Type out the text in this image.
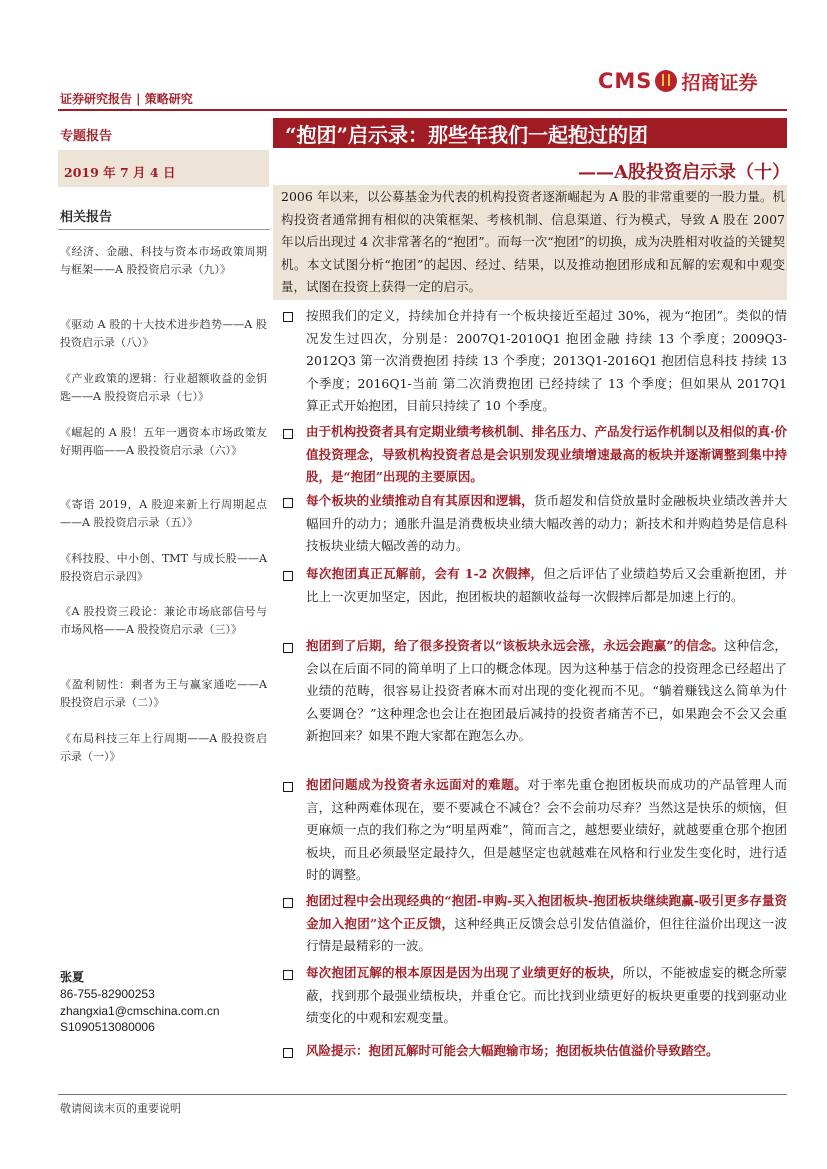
证券研究报告 | 策略研究
CMS 招商证券
专题报告
2019 年 7 月 4 日
相关报告
《经济、金融、科技与资本市场政策周期与框架——A 股投资启示录（九）》
《驱动 A 股的十大技术进步趋势——A 股投资启示录（八）》
《产业政策的逻辑：行业超额收益的金钥匙——A 股投资启示录（七）》
《崛起的 A 股！五年一遇资本市场政策友好期再临——A 股投资启示录（六）》
《寄语 2019，A 股迎来新上行周期起点——A 股投资启示录（五）》
《科技股、中小创、TMT 与成长股——A 股投资启示录四》
《A 股投资三段论：兼论市场底部信号与市场风格——A 股投资启示录（三）》
《盈利韧性：剩者为王与赢家通吃——A 股投资启示录（二）》
《布局科技三年上行周期——A 股投资启示录（一）》
张夏
86-755-82900253
zhangxia1@cmschina.com.cn
S1090513080006
“抱团”启示录：那些年我们一起抱过的团
——A股投资启示录（十）
2006 年以来，以公募基金为代表的机构投资者逐渐崛起为 A 股的非常重要的一股力量。机构投资者通常拥有相似的决策框架、考核机制、信息渠道、行为模式，导致 A 股在 2007 年以后出现过 4 次非常著名的“抱团”。而每一次“抱团”的切换，成为决胜相对收益的关键契机。本文试图分析“抱团”的起因、经过、结果，以及推动抱团形成和瓦解的宏观和中观变量，试图在投资上获得一定的启示。
按照我们的定义，持续加仓并持有一个板块接近至超过 30%，视为“抱团”。类似的情况发生过四次，分别是：2007Q1-2010Q1 抱团金融 持续 13 个季度；2009Q3-2012Q3 第一次消费抱团 持续 13 个季度；2013Q1-2016Q1 抱团信息科技 持续 13 个季度；2016Q1-当前 第二次消费抱团 已经持续了 13 个季度；但如果从 2017Q1 算正式开始抱团，目前只持续了 10 个季度。
由于机构投资者具有定期业绩考核机制、排名压力、产品发行运作机制以及相似的真·价值投资理念，导致机构投资者总是会识别发现业绩增速最高的板块并逐渐调整到集中持股，是“抱团”出现的主要原因。
每个板块的业绩推动自有其原因和逻辑，货币超发和信贷放量时金融板块业绩改善并大幅回升的动力；通胀升温是消费板块业绩大幅改善的动力；新技术和并购趋势是信息科技板块业绩大幅改善的动力。
每次抱团真正瓦解前，会有 1-2 次假摔，但之后评估了业绩趋势后又会重新抱团，并比上一次更加坚定，因此，抱团板块的超额收益每一次假摔后都是加速上行的。
抱团到了后期，给了很多投资者以“该板块永远会涨，永远会跑赢”的信念。这种信念，会以在后面不同的简单明了上口的概念体现。因为这种基于信念的投资理念已经超出了业绩的范畴，很容易让投资者麻木而对出现的变化视而不见。“躺着赚钱这么简单为什么要调仓？”这种理念也会让在抱团最后减持的投资者痛苦不已，如果跑会不会又会重新抱回来？如果不跑大家都在跑怎么办。
抱团问题成为投资者永远面对的难题。对于率先重仓抱团板块而成功的产品管理人而言，这种两难体现在，要不要减仓不减仓？会不会前功尽弃？当然这是快乐的烦恼，但更麻烦一点的我们称之为“明星两难”，简而言之，越想要业绩好，就越要重仓那个抱团板块，而且必须最坚定最持久，但是越坚定也就越难在风格和行业发生变化时，进行适时的调整。
抱团过程中会出现经典的“抱团-申购-买入抱团板块-抱团板块继续跑赢-吸引更多存量资金加入抱团”这个正反馈，这种经典正反馈会总引发估值溢价，但往往溢价出现这一波行情是最精彩的一波。
每次抱团瓦解的根本原因是因为出现了业绩更好的板块，所以，不能被虚妄的概念所蒙蔽，找到那个最强业绩板块，并重仓它。而比找到业绩更好的板块更重要的找到驱动业绩变化的中观和宏观变量。
风险提示：抱团瓦解时可能会大幅跑输市场；抱团板块估值溢价导致踏空。
敬请阅读末页的重要说明
